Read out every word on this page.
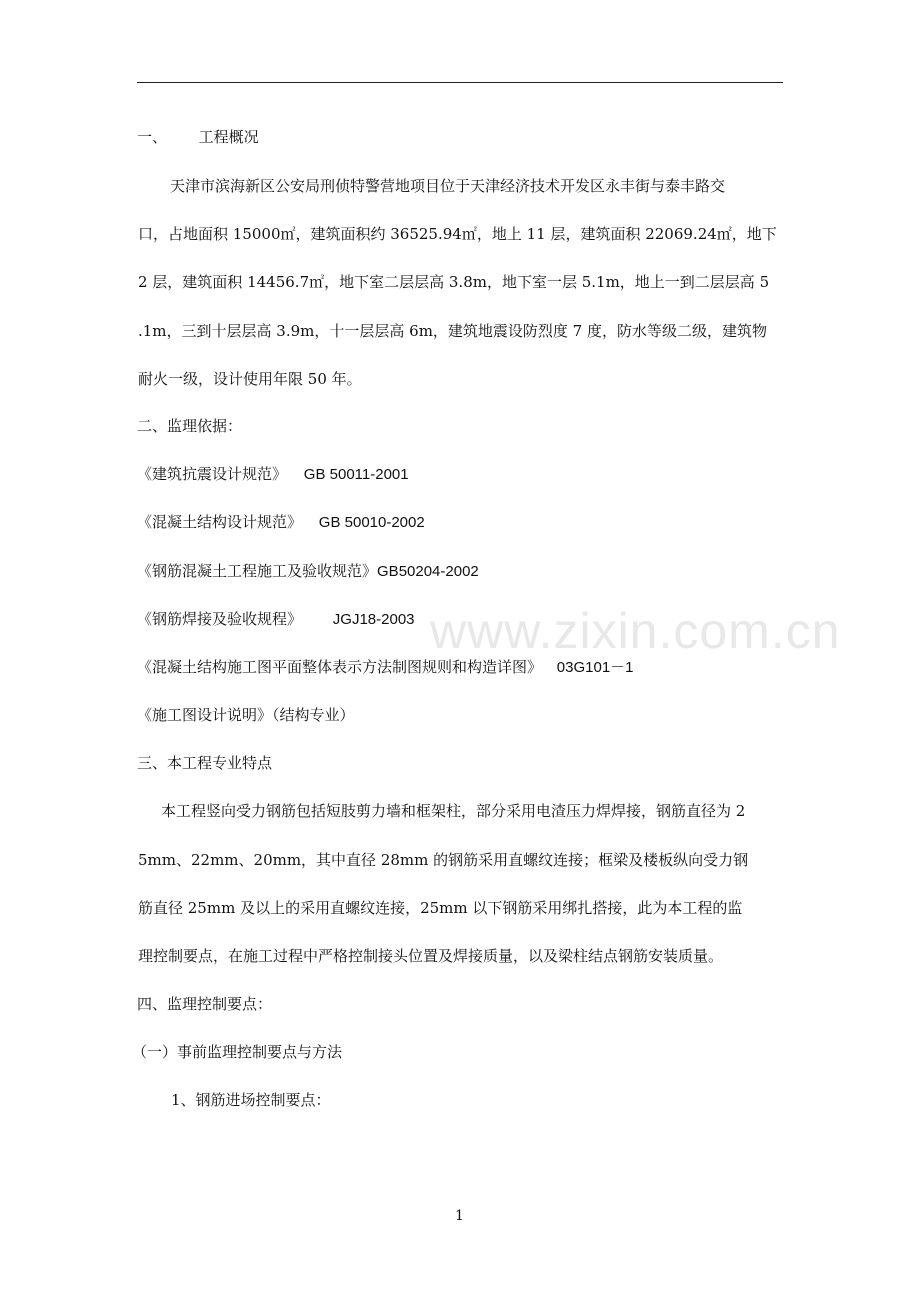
一、 工程概况
天津市滨海新区公安局刑侦特警营地项目位于天津经济技术开发区永丰街与泰丰路交
口，占地面积 15000㎡，建筑面积约 36525.94㎡，地上 11 层，建筑面积 22069.24㎡，地下
2 层，建筑面积 14456.7㎡，地下室二层层高 3.8m，地下室一层 5.1m，地上一到二层层高 5
.1m，三到十层层高 3.9m，十一层层高 6m，建筑地震设防烈度 7 度，防水等级二级，建筑物
耐火一级，设计使用年限 50 年。
二、监理依据：
《建筑抗震设计规范》 GB 50011-2001
《混凝土结构设计规范》 GB 50010-2002
《钢筋混凝土工程施工及验收规范》GB50204-2002
《钢筋焊接及验收规程》 JGJ18-2003
《混凝土结构施工图平面整体表示方法制图规则和构造详图》 03G101－1
《施工图设计说明》（结构专业）
三、本工程专业特点
本工程竖向受力钢筋包括短肢剪力墙和框架柱，部分采用电渣压力焊焊接，钢筋直径为 2
5mm、22mm、20mm，其中直径 28mm 的钢筋采用直螺纹连接；框梁及楼板纵向受力钢
筋直径 25mm 及以上的采用直螺纹连接，25mm 以下钢筋采用绑扎搭接，此为本工程的监
理控制要点，在施工过程中严格控制接头位置及焊接质量，以及梁柱结点钢筋安装质量。
四、监理控制要点：
（一）事前监理控制要点与方法
1、钢筋进场控制要点：
www.zixin.com.cn
1
